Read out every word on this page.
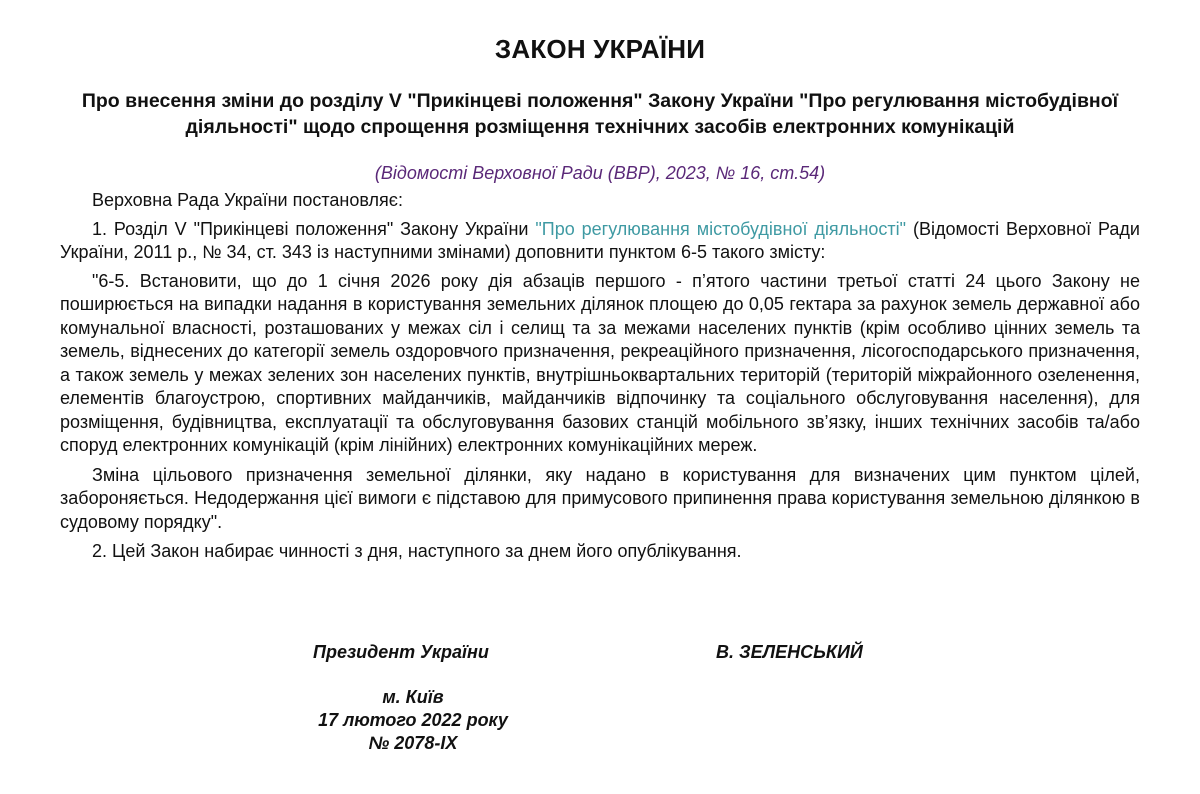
ЗАКОН УКРАЇНИ

Про внесення зміни до розділу V "Прикінцеві положення" Закону України "Про регулювання містобудівної діяльності" щодо спрощення розміщення технічних засобів електронних комунікацій

(Відомості Верховної Ради (ВВР), 2023, № 16, ст.54)

Верховна Рада України постановляє:

1. Розділ V "Прикінцеві положення" Закону України "Про регулювання містобудівної діяльності" (Відомості Верховної Ради України, 2011 р., № 34, ст. 343 із наступними змінами) доповнити пунктом 6-5 такого змісту:

"6-5. Встановити, що до 1 січня 2026 року дія абзаців першого - п’ятого частини третьої статті 24 цього Закону не поширюється на випадки надання в користування земельних ділянок площею до 0,05 гектара за рахунок земель державної або комунальної власності, розташованих у межах сіл і селищ та за межами населених пунктів (крім особливо цінних земель та земель, віднесених до категорії земель оздоровчого призначення, рекреаційного призначення, лісогосподарського призначення, а також земель у межах зелених зон населених пунктів, внутрішньоквартальних територій (територій міжрайонного озеленення, елементів благоустрою, спортивних майданчиків, майданчиків відпочинку та соціального обслуговування населення), для розміщення, будівництва, експлуатації та обслуговування базових станцій мобільного зв’язку, інших технічних засобів та/або споруд електронних комунікацій (крім лінійних) електронних комунікаційних мереж.

Зміна цільового призначення земельної ділянки, яку надано в користування для визначених цим пунктом цілей, забороняється. Недодержання цієї вимоги є підставою для примусового припинення права користування земельною ділянкою в судовому порядку".

2. Цей Закон набирає чинності з дня, наступного за днем його опублікування.

Президент України	В. ЗЕЛЕНСЬКИЙ
м. Київ
17 лютого 2022 року
№ 2078-IX
